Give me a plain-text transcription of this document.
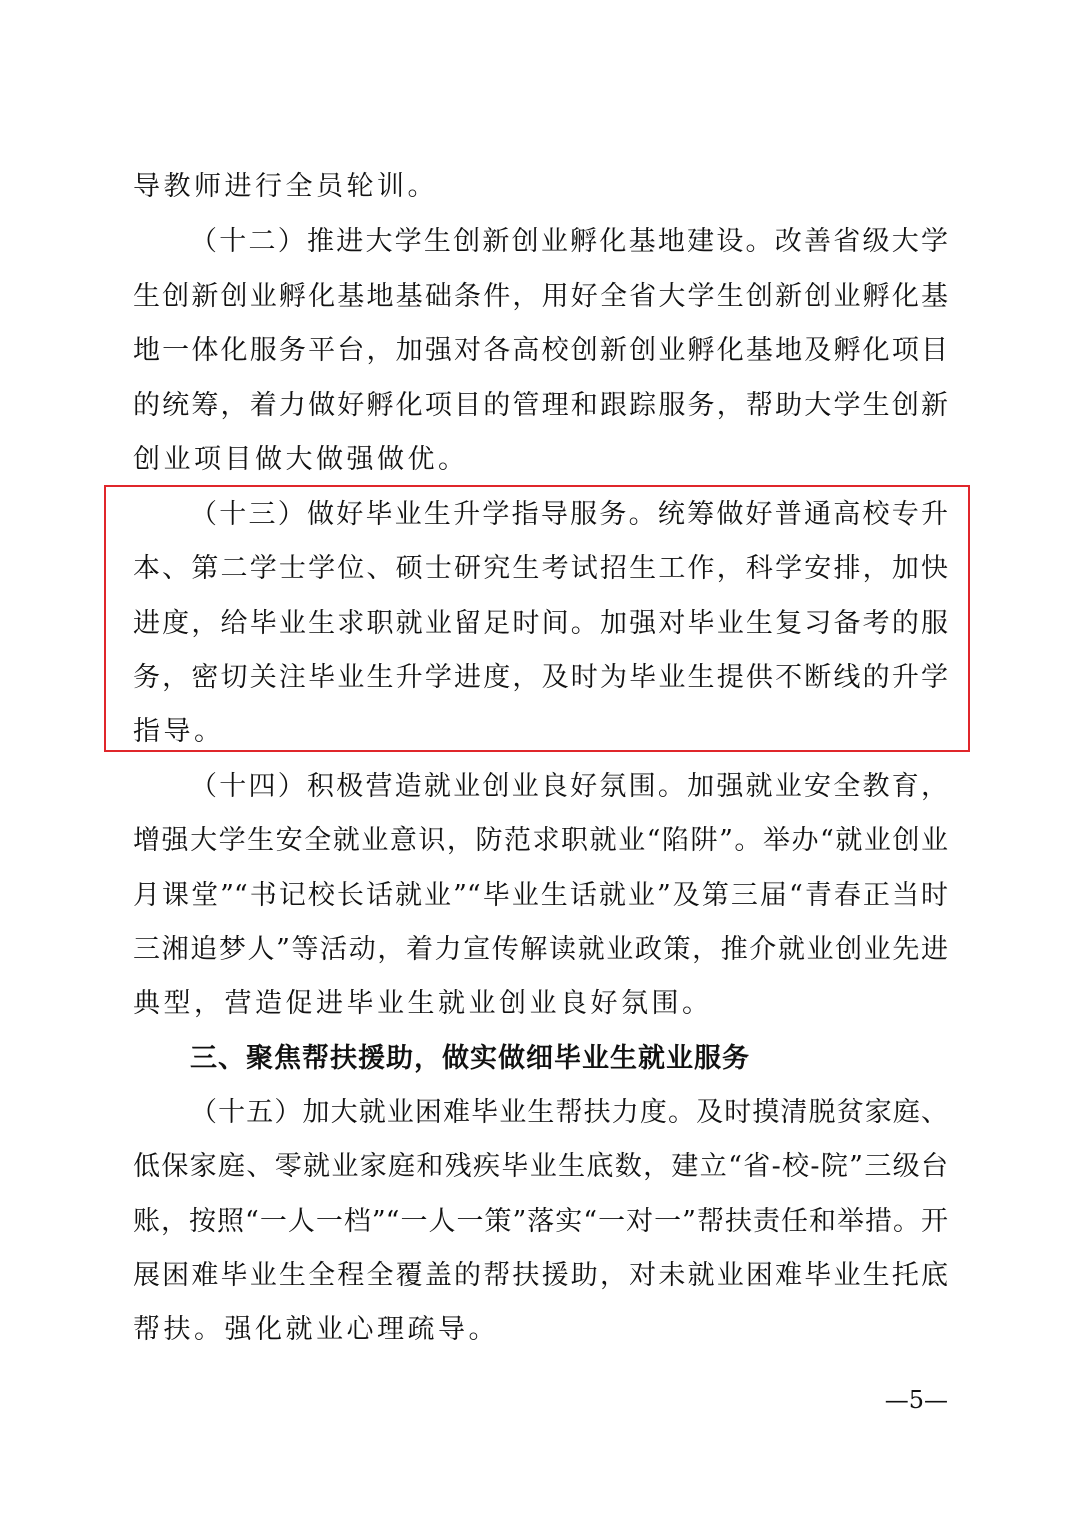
导教师进行全员轮训。
（十二）推进大学生创新创业孵化基地建设。改善省级大学
生创新创业孵化基地基础条件，用好全省大学生创新创业孵化基
地一体化服务平台，加强对各高校创新创业孵化基地及孵化项目
的统筹，着力做好孵化项目的管理和跟踪服务，帮助大学生创新
创业项目做大做强做优。
（十三）做好毕业生升学指导服务。统筹做好普通高校专升
本、第二学士学位、硕士研究生考试招生工作，科学安排，加快
进度，给毕业生求职就业留足时间。加强对毕业生复习备考的服
务，密切关注毕业生升学进度，及时为毕业生提供不断线的升学
指导。
（十四）积极营造就业创业良好氛围。加强就业安全教育，
增强大学生安全就业意识，防范求职就业“陷阱”。举办“就业创业
月课堂”“书记校长话就业”“毕业生话就业”及第三届“青春正当时
三湘追梦人”等活动，着力宣传解读就业政策，推介就业创业先进
典型，营造促进毕业生就业创业良好氛围。
三、聚焦帮扶援助，做实做细毕业生就业服务
（十五）加大就业困难毕业生帮扶力度。及时摸清脱贫家庭、
低保家庭、零就业家庭和残疾毕业生底数，建立“省-校-院”三级台
账，按照“一人一档”“一人一策”落实“一对一”帮扶责任和举措。开
展困难毕业生全程全覆盖的帮扶援助，对未就业困难毕业生托底
帮扶。强化就业心理疏导。
—5—
